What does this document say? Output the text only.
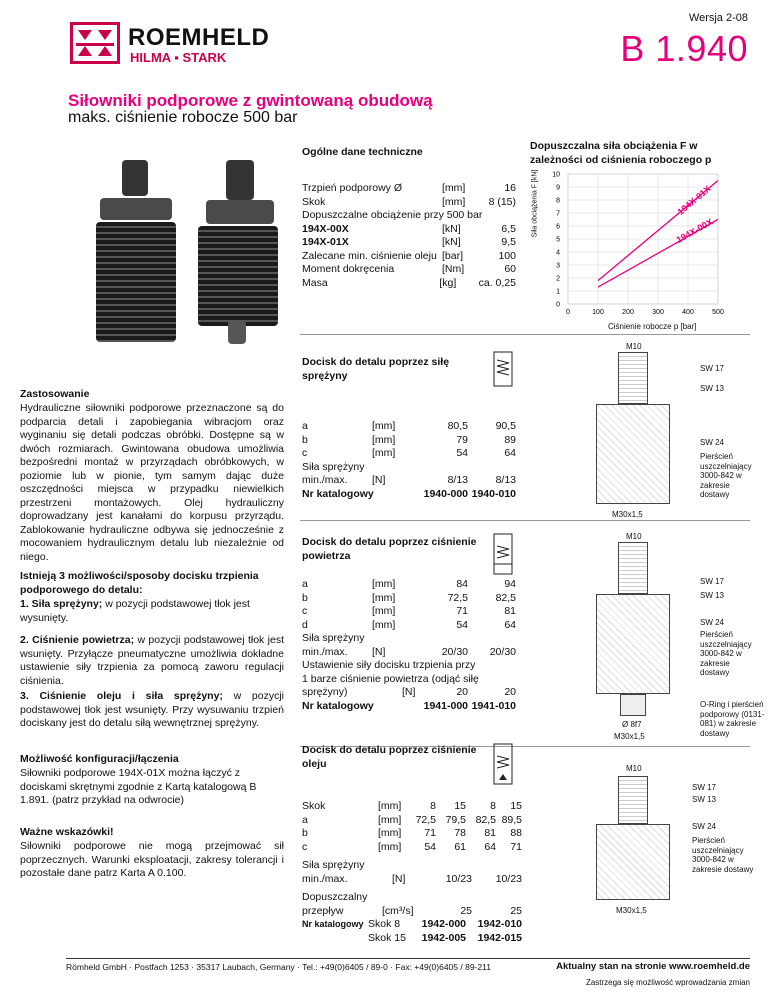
Wersja 2-08
B 1.940
ROEMHELD
HILMA ▪ STARK
Siłowniki podporowe z gwintowaną obudową
maks. ciśnienie robocze 500 bar
Ogólne dane techniczne
Trzpień podporowy Ø	[mm]	16
Skok	[mm]	8 (15)
Dopuszczalne obciążenie przy 500 bar
194X-00X	[kN]	6,5
194X-01X	[kN]	9,5
Zalecane min. ciśnienie oleju [bar]	100
Moment dokręcenia	[Nm]	60
Masa	[kg]	ca. 0,25
Dopuszczalna siła obciążenia F w zależności od ciśnienia roboczego p
Siła obciążenia F [kN]
Ciśnienie robocze p [bar]
0
1
2
3
4
5
6
7
8
9
10
0	100	200	300	400	500
194X-01X
194X-00X
Zastosowanie
Hydrauliczne siłowniki podporowe przeznaczone są do podparcia detali i zapobiegania wibracjom oraz wyginaniu się detali podczas obróbki. Dostępne są w dwóch rozmiarach. Gwintowana obudowa umożliwia bezpośredni montaż w przyrządach obróbkowych, w poziomie lub w pionie, tym samym dając duże oszczędności miejsca w przypadku niewielkich przestrzeni montażowych. Olej hydrauliczny doprowadzany jest kanałami do korpusu przyrządu. Zablokowanie hydrauliczne odbywa się jednocześnie z mocowaniem hydraulicznym detalu lub niezależnie od niego.
Istnieją 3 możliwości/sposoby docisku trzpienia podporowego do detalu:
1. Siła sprężyny; w pozycji podstawowej tłok jest wysunięty.
2. Ciśnienie powietrza; w pozycji podstawowej tłok jest wsunięty. Przyłącze pneumatyczne umożliwia dokładne ustawienie siły trzpienia za pomocą zaworu regulacji ciśnienia.
3. Ciśnienie oleju i siła sprężyny; w pozycji podstawowej tłok jest wsunięty. Przy wysuwaniu trzpień dociskany jest do detalu siłą wewnętrznej sprężyny.
Możliwość konfiguracji/łączenia
Siłowniki podporowe 194X-01X można łączyć z dociskami skrętnymi zgodnie z Kartą katalogową B 1.891. (patrz przykład na odwrocie)
Ważne wskazówki!
Siłowniki podporowe nie mogą przejmować sił poprzecznych. Warunki eksploatacji, zakresy tolerancji i pozostałe dane patrz Karta A 0.100.
Docisk do detalu poprzez siłę sprężyny
a	[mm]	80,5	90,5
b	[mm]	79	89
c	[mm]	54	64
Siła sprężyny
min./max.	[N]	8/13	8/13
Nr katalogowy	1940-000 1940-010
M10
SW 17
SW 13
SW 24
Pierścień uszczelniający 3000-842 w zakresie dostawy
M30x1,5
Docisk do detalu poprzez ciśnienie powietrza
a	[mm]	84	94
b	[mm]	72,5	82,5
c	[mm]	71	81
d	[mm]	54	64
Siła sprężyny
min./max.	[N]	20/30	20/30
Ustawienie siły docisku trzpienia przy
1 barze ciśnienie powietrza (odjąć siłę
sprężyny)	[N]	20	20
Nr katalogowy	1941-000 1941-010
M10
SW 17
SW 13
SW 24
Pierścień uszczelniający 3000-842 w zakresie dostawy
O-Ring i pierścień podporowy (0131-081) w zakresie dostawy
Ø 8f7
M30x1,5
Docisk do detalu poprzez ciśnienie oleju
Skok	[mm]	8	15	8	15
a	[mm]	72,5 79,5 82,5 89,5
b	[mm]	71	78	81	88
c	[mm]	54	61	64	71
Siła sprężyny
min./max.	[N]	10/23	10/23
Dopuszczalny
przepływ	[cm³/s]	25	25
Nr katalogowy Skok 8	1942-000	1942-010
Skok 15	1942-005	1942-015
M10
SW 17
SW 13
SW 24
Pierścień uszczelniający 3000-842 w zakresie dostawy
M30x1,5
Römheld GmbH · Postfach 1253 · 35317 Laubach, Germany · Tel.: +49(0)6405 / 89-0 · Fax: +49(0)6405 / 89-211	Aktualny stan na stronie www.roemheld.de
Zastrzega się możliwość wprowadzania zmian
